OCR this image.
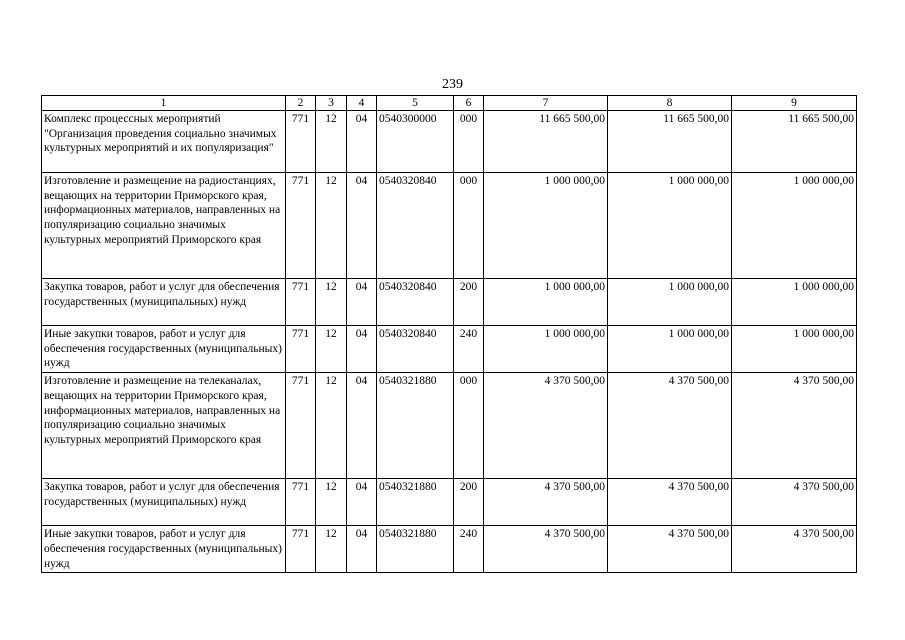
239
1	2	3	4	5	6	7	8	9
Комплекс процессных мероприятий "Организация проведения социально значимых культурных мероприятий и их популяризация"	771	12	04	0540300000	000	11 665 500,00	11 665 500,00	11 665 500,00
Изготовление и размещение на радиостанциях, вещающих на территории Приморского края, информационных материалов, направленных на популяризацию социально значимых культурных мероприятий Приморского края	771	12	04	0540320840	000	1 000 000,00	1 000 000,00	1 000 000,00
Закупка товаров, работ и услуг для обеспечения государственных (муниципальных) нужд	771	12	04	0540320840	200	1 000 000,00	1 000 000,00	1 000 000,00
Иные закупки товаров, работ и услуг для обеспечения государственных (муниципальных) нужд	771	12	04	0540320840	240	1 000 000,00	1 000 000,00	1 000 000,00
Изготовление и размещение на телеканалах, вещающих на территории Приморского края, информационных материалов, направленных на популяризацию социально значимых культурных мероприятий Приморского края	771	12	04	0540321880	000	4 370 500,00	4 370 500,00	4 370 500,00
Закупка товаров, работ и услуг для обеспечения государственных (муниципальных) нужд	771	12	04	0540321880	200	4 370 500,00	4 370 500,00	4 370 500,00
Иные закупки товаров, работ и услуг для обеспечения государственных (муниципальных) нужд	771	12	04	0540321880	240	4 370 500,00	4 370 500,00	4 370 500,00
